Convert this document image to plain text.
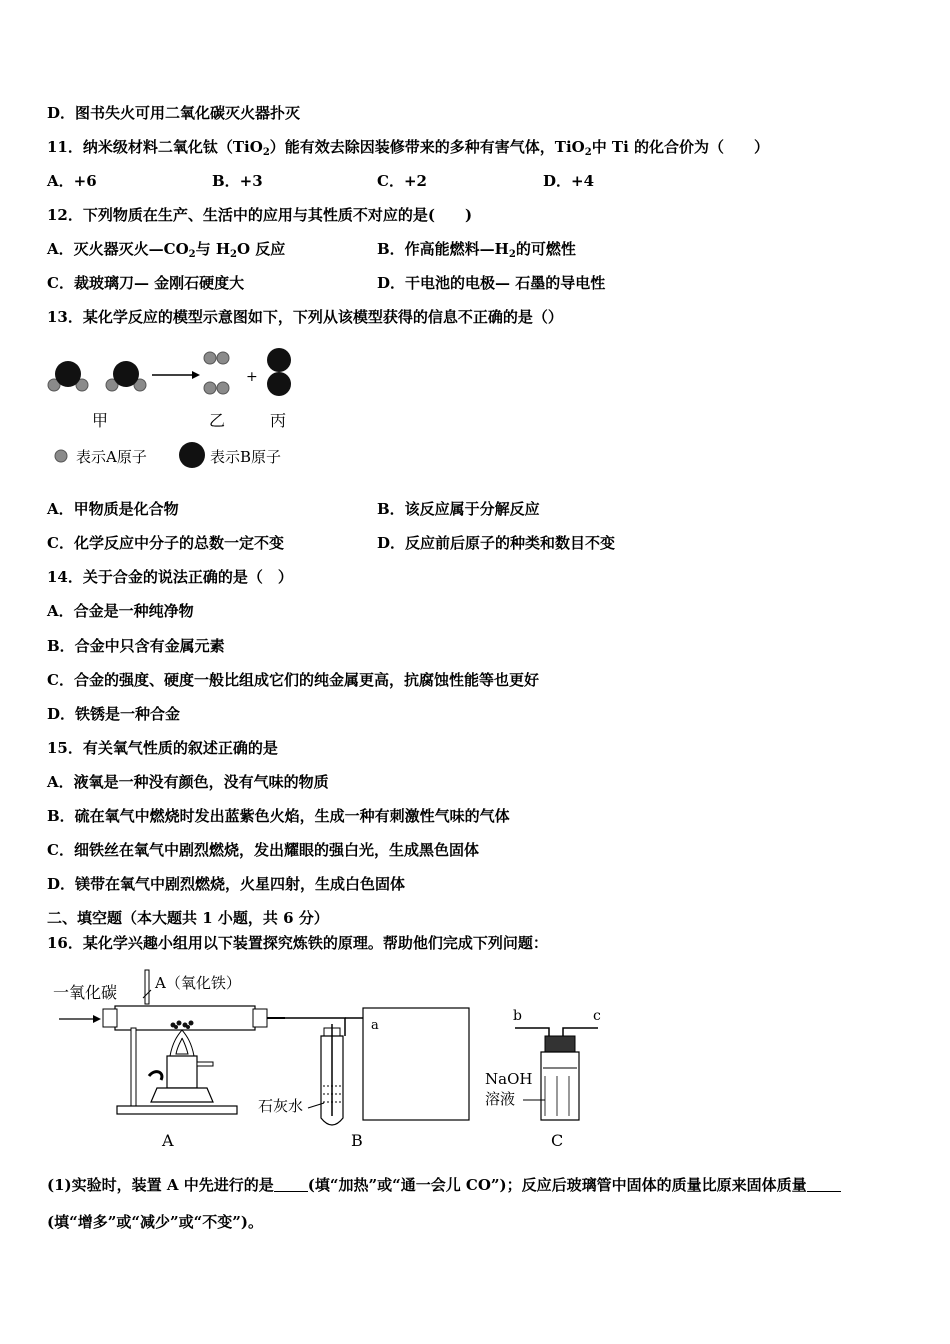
D．图书失火可用二氧化碳灭火器扑灭
11．纳米级材料二氧化钛（TiO$_2$）能有效去除因装修带来的多种有害气体，TiO$_2$中 Ti 的化合价为（　　）
A．+6	B．+3	C．+2	D．+4
12．下列物质在生产、生活中的应用与其性质不对应的是(　　)
A．灭火器灭火$—CO_2$与 $H_2O$ 反应	B．作高能燃料$—H_2$的可燃性
C．裁玻璃刀— 金刚石硬度大	D．干电池的电极— 石墨的导电性
13．某化学反应的模型示意图如下，下列从该模型获得的信息不正确的是（）
+
甲	乙	丙
表示A原子	表示B原子
A．甲物质是化合物	B．该反应属于分解反应
C．化学反应中分子的总数一定不变	D．反应前后原子的种类和数目不变
14．关于合金的说法正确的是（　）
A．合金是一种纯净物
B．合金中只含有金属元素
C．合金的强度、硬度一般比组成它们的纯金属更高，抗腐蚀性能等也更好
D．铁锈是一种合金
15．有关氧气性质的叙述正确的是
A．液氧是一种没有颜色，没有气味的物质
B．硫在氧气中燃烧时发出蓝紫色火焰，生成一种有刺激性气味的气体
C．细铁丝在氧气中剧烈燃烧，发出耀眼的强白光，生成黑色固体
D．镁带在氧气中剧烈燃烧，火星四射，生成白色固体
二、填空题（本大题共 1 小题，共 6 分）
16．某化学兴趣小组用以下装置探究炼铁的原理。帮助他们完成下列问题：
一氧化碳	A（氧化铁）
A
石灰水
B
a
b	c
NaOH
溶液
C
(1)实验时，装置 A 中先进行的是 (填“加热”或“通一会儿 CO”)；反应后玻璃管中固体的质量比原来固体质量
(填“增多”或“减少”或“不变”)。
